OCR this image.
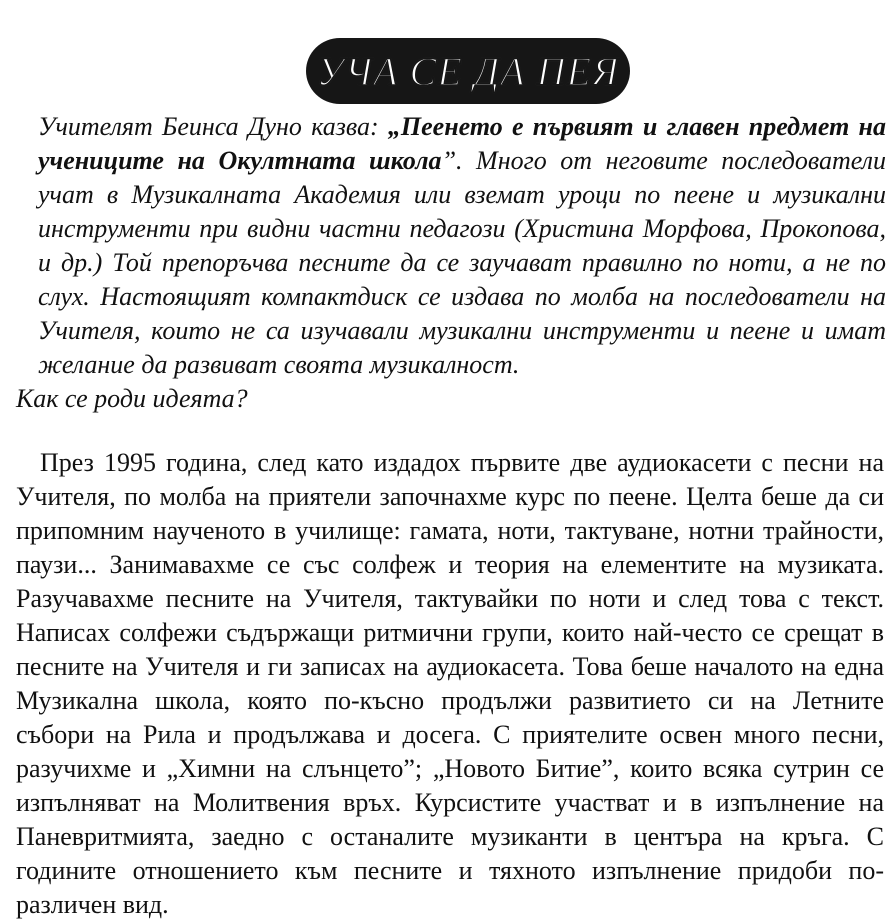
УЧА СЕ ДА ПЕЯ

Учителят Беинса Дуно казва: „Пеенето е първият и главен предмет на учениците на Окултната школа”. Много от неговите последователи учат в Музикалната Академия или вземат уроци по пеене и музикални инструменти при видни частни педагози (Христина Морфова, Прокопова, и др.) Той препоръчва песните да се заучават правилно по ноти, а не по слух. Настоящият компактдиск се издава по молба на последователи на Учителя, които не са изучавали музикални инструменти и пеене и имат желание да развиват своята музикалност.

Как се роди идеята?

През 1995 година, след като издадох първите две аудиокасети с песни на Учителя, по молба на приятели започнахме курс по пеене. Целта беше да си припомним наученото в училище: гамата, ноти, тактуване, нотни трайности, паузи... Занимавахме се със солфеж и теория на елементите на музиката. Разучавахме песните на Учителя, тактувайки по ноти и след това с текст. Написах солфежи съдържащи ритмични групи, които най-често се срещат в песните на Учителя и ги записах на аудиокасета. Това беше началото на една Музикална школа, която по-късно продължи развитието си на Летните събори на Рила и продължава и досега. С приятелите освен много песни, разучихме и „Химни на слънцето”; „Новото Битие”, които всяка сутрин се изпълняват на Молитвения връх. Курсистите участват и в изпълнение на Паневритмията, заедно с останалите музиканти в центъра на кръга. С годините отношението към песните и тяхното изпълнение придоби по-различен вид.
